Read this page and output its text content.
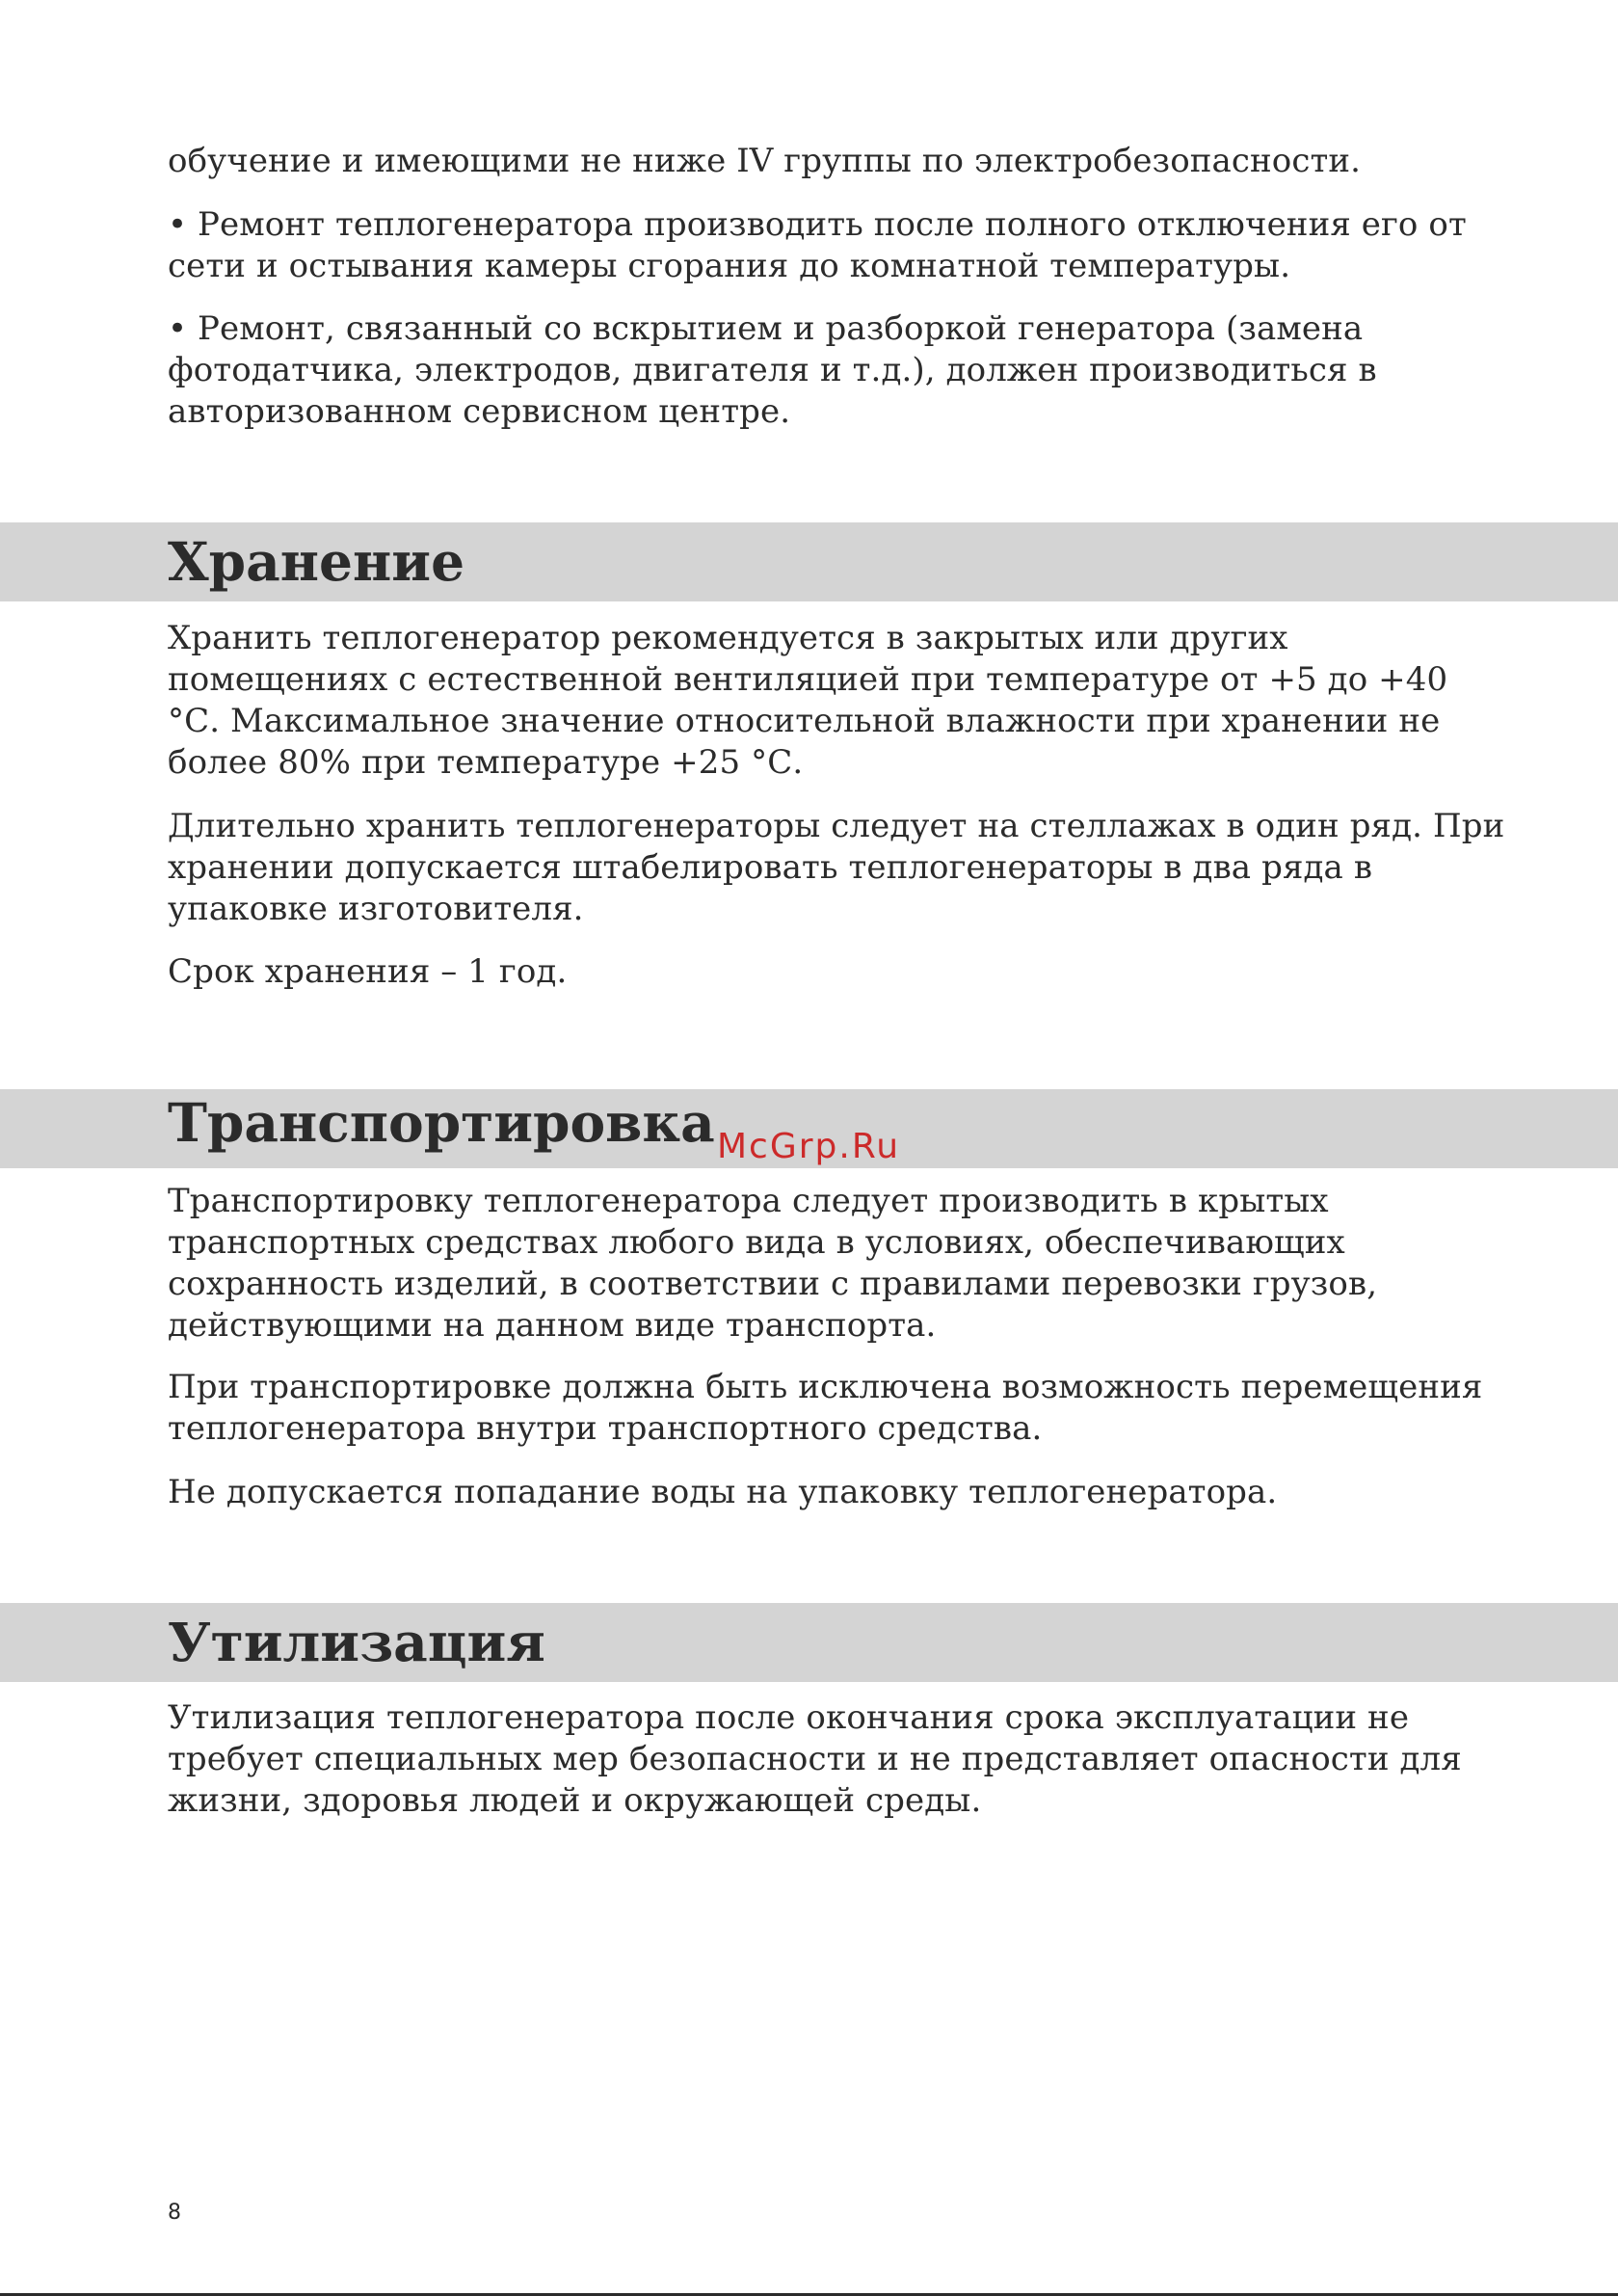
обучение и имеющими не ниже IV группы по электробезопасности.

• Ремонт теплогенератора производить после полного отключения его от сети и остывания камеры сгорания до комнатной температуры.

• Ремонт, связанный со вскрытием и разборкой генератора (замена фотодатчика, электродов, двигателя и т.д.), должен производиться в авторизованном сервисном центре.

Хранение

Хранить теплогенератор рекомендуется в закрытых или других помещениях с естественной вентиляцией при температуре от +5 до +40 °С. Максимальное значение относительной влажности при хранении не более 80% при температуре +25 °С.

Длительно хранить теплогенераторы следует на стеллажах в один ряд. При хранении допускается штабелировать теплогенераторы в два ряда в упаковке изготовителя.

Срок хранения – 1 год.

Транспортировка

Транспортировку теплогенератора следует производить в крытых транспортных средствах любого вида в условиях, обеспечивающих сохранность изделий, в соответствии с правилами перевозки грузов, действующими на данном виде транспорта.

При транспортировке должна быть исключена возможность перемещения теплогенератора внутри транспортного средства.

Не допускается попадание воды на упаковку теплогенератора.

Утилизация

Утилизация теплогенератора после окончания срока эксплуатации не требует специальных мер безопасности и не представляет опасности для жизни, здоровья людей и окружающей среды.

McGrp.Ru
8
